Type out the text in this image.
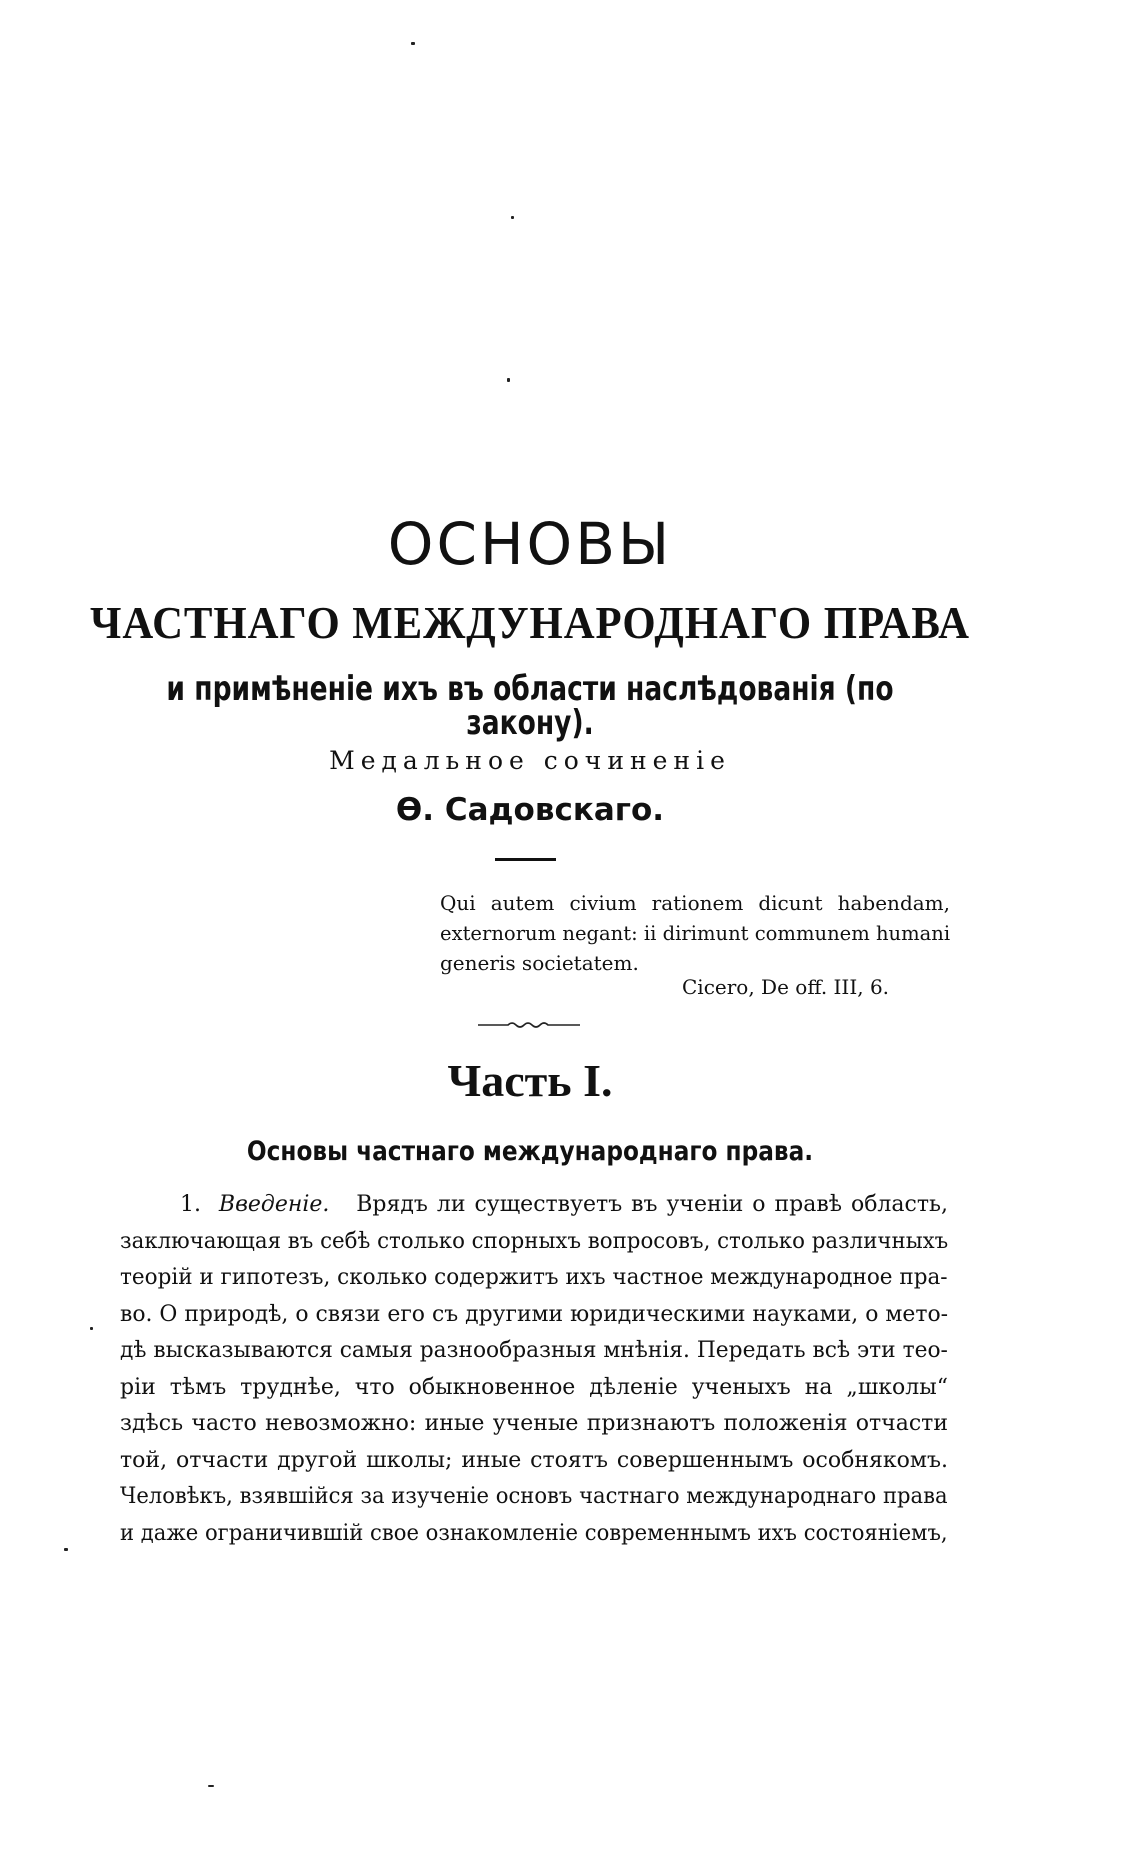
ОСНОВЫ
ЧАСТНАГО МЕЖДУНАРОДНАГО ПРАВА
и примѣненіе ихъ въ области наслѣдованія (по закону).
Медальное сочиненіе
Ѳ. Садовскаго.
Qui autem civium rationem dicunt habendam,
externorum negant: ii dirimunt communem humani
generis societatem.
Cicero, De off. III, 6.
Часть I.
Основы частнаго международнаго права.
1. Введеніе. Врядъ ли существуетъ въ ученіи о правѣ область,
заключающая въ себѣ столько спорныхъ вопросовъ, столько различныхъ
теорій и гипотезъ, сколько содержитъ ихъ частное международное пра-
во. О природѣ, о связи его съ другими юридическими науками, о мето-
дѣ высказываются самыя разнообразныя мнѣнія. Передать всѣ эти тео-
ріи тѣмъ труднѣе, что обыкновенное дѣленіе ученыхъ на „школы“
здѣсь часто невозможно: иные ученые признаютъ положенія отчасти
той, отчасти другой школы; иные стоятъ совершеннымъ особнякомъ.
Человѣкъ, взявшійся за изученіе основъ частнаго международнаго права
и даже ограничившій свое ознакомленіе современнымъ ихъ состояніемъ,
